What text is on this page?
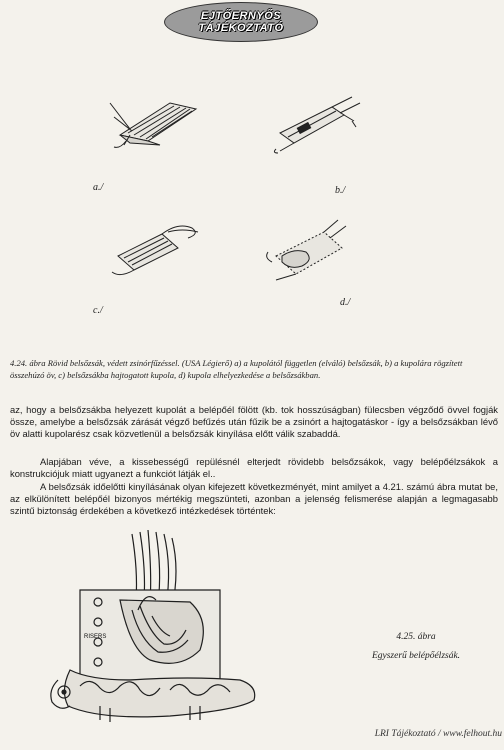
EJTŐERNYŐS
TÁJÉKOZTATÓ
a./	b./
c./
d./
4.24. ábra Rövid belsőzsák, védett zsinórfűzéssel. (USA Légierő) a) a kupolától független (elváló) belsőzsák, b) a kupolára rögzített összehúzó öv, c) belsőzsákba hajtogatott kupola, d) kupola elhelyezkedése a belsőzsákban.
az, hogy a belsőzsákba helyezett kupolát a belépőél fölött (kb. tok hosszúságban) fülecsben végződő övvel fogják össze, amelybe a belsőzsák zárását végző befűzés után fűzik be a zsinórt a hajtogatáskor - így a belsőzsákban lévő öv alatti kupolarész csak közvetlenül a belsőzsák kinyílása előtt válik szabaddá.
Alapjában véve, a kissebességű repülésnél elterjedt rövidebb belsőzsákok, vagy belépőélzsákok a konstrukciójuk miatt ugyanezt a funkciót látják el..
A belsőzsák időelőtti kinyílásának olyan kifejezett következményét, mint amilyet a 4.21. számú ábra mutat be, az elkülönített belépőél bizonyos mértékig megszünteti, azonban a jelenség felismerése alapján a legmagasabb szintű biztonság érdekében a következő intézkedések történtek:
RISERS	4.25. ábra
Egyszerű belépőélzsák.
LRI Tájékoztató / www.felhout.hu
